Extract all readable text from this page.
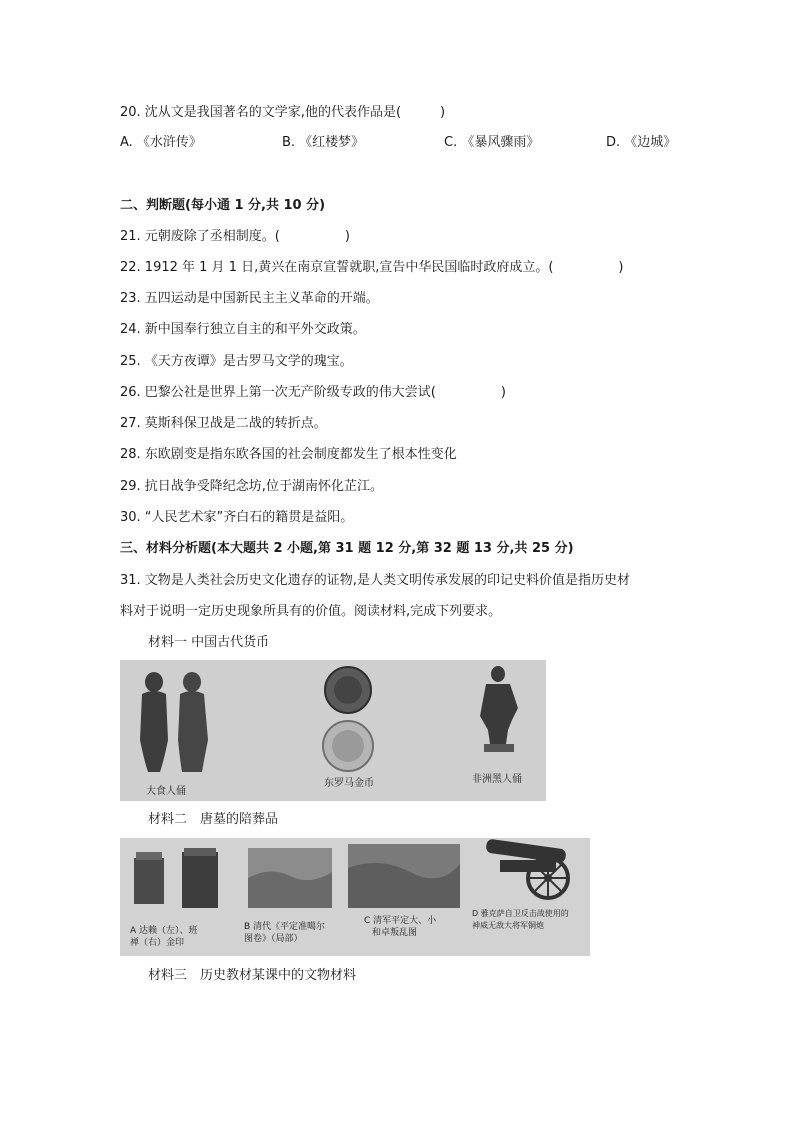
20. 沈从文是我国著名的文学家,他的代表作品是(　　　)
A. 《水浒传》	B. 《红楼梦》	C. 《暴风骤雨》	D. 《边城》
二、判断题(每小通 1 分,共 10 分)
21. 元朝废除了丞相制度。(　　　　　)
22. 1912 年 1 月 1 日,黄兴在南京宣誓就职,宣告中华民国临时政府成立。(　　　　　)
23. 五四运动是中国新民主主义革命的开端。
24. 新中国奉行独立自主的和平外交政策。
25. 《天方夜谭》是古罗马文学的瑰宝。
26. 巴黎公社是世界上第一次无产阶级专政的伟大尝试(　　　　　)
27. 莫斯科保卫战是二战的转折点。
28. 东欧剧变是指东欧各国的社会制度都发生了根本性变化
29. 抗日战争受降纪念坊,位于湖南怀化芷江。
30. “人民艺术家”齐白石的籍贯是益阳。
三、材料分析题(本大题共 2 小题,第 31 题 12 分,第 32 题 13 分,共 25 分)
31. 文物是人类社会历史文化遗存的证物,是人类文明传承发展的印记史料价值是指历史材
料对于说明一定历史现象所具有的价值。阅读材料,完成下列要求。
材料一 中国古代货币
大食人俑
东罗马金币	非洲黑人俑
材料二　唐墓的陪葬品
A 达赖（左）、班
禅（右）金印
B 清代《平定准噶尔
图卷》（局部）
C 清军平定大、小
和卓叛乱图
D 雅克萨自卫反击战使用的
神威无敌大将军铜炮
材料三　历史教材某课中的文物材料
